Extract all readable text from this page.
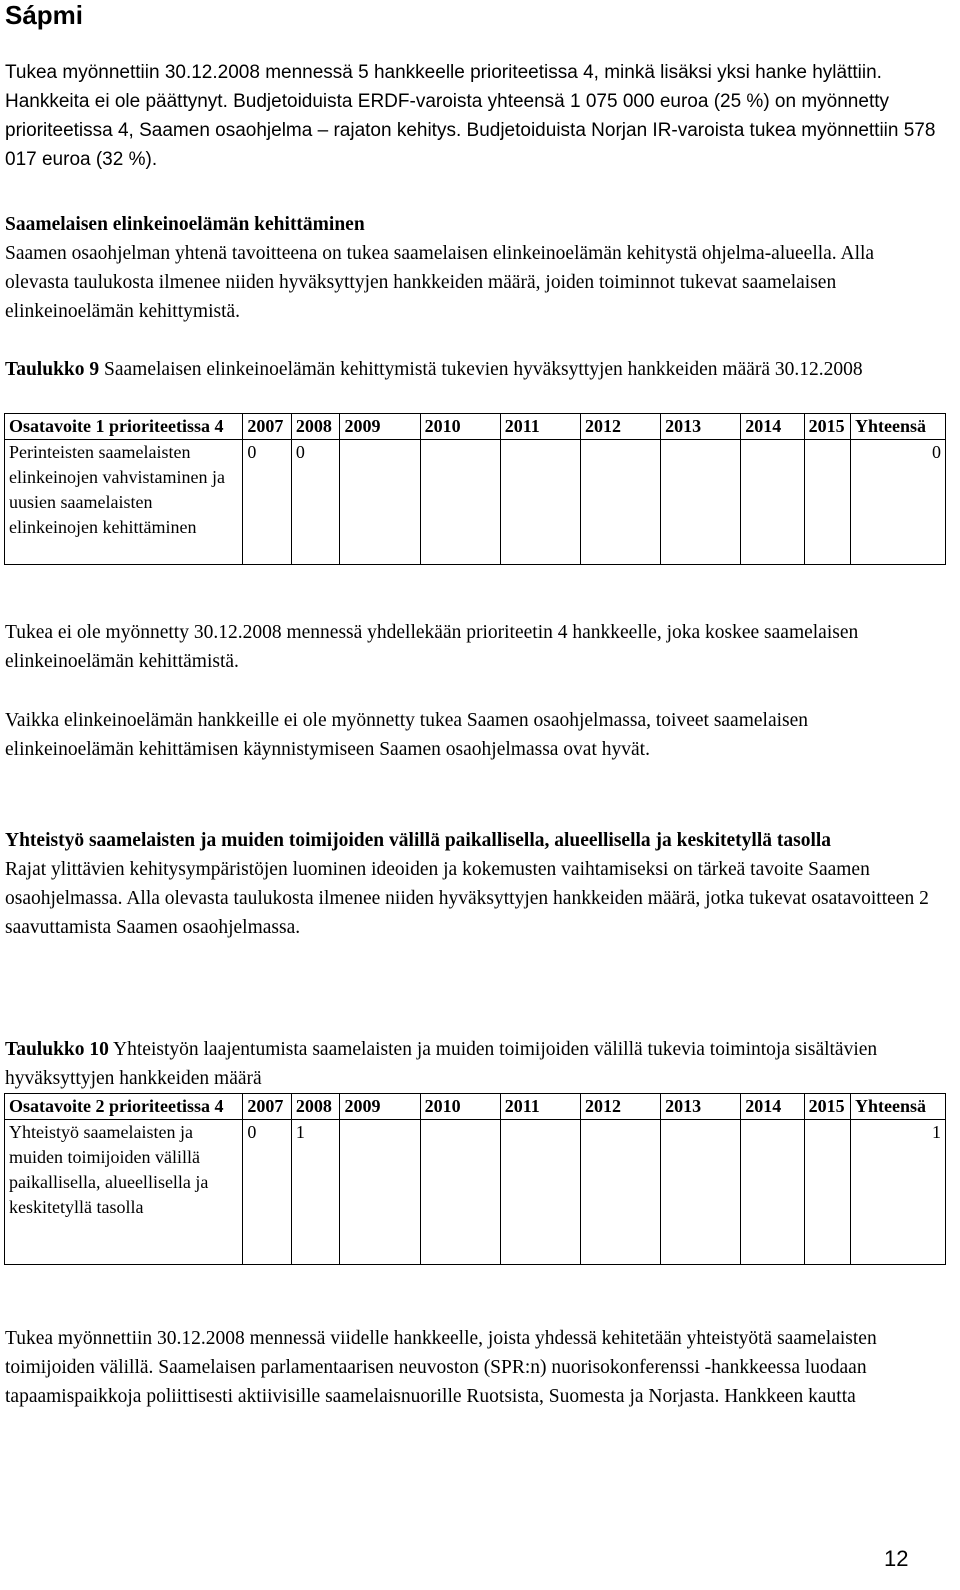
Sápmi

Tukea myönnettiin 30.12.2008 mennessä 5 hankkeelle prioriteetissa 4, minkä lisäksi yksi hanke hylättiin. Hankkeita ei ole päättynyt. Budjetoiduista ERDF-varoista yhteensä 1 075 000 euroa (25 %) on myönnetty prioriteetissa 4, Saamen osaohjelma – rajaton kehitys. Budjetoiduista Norjan IR-varoista tukea myönnettiin 578 017 euroa (32 %).

Saamelaisen elinkeinoelämän kehittäminen
Saamen osaohjelman yhtenä tavoitteena on tukea saamelaisen elinkeinoelämän kehitystä ohjelma-alueella. Alla olevasta taulukosta ilmenee niiden hyväksyttyjen hankkeiden määrä, joiden toiminnot tukevat saamelaisen elinkeinoelämän kehittymistä.

Taulukko 9 Saamelaisen elinkeinoelämän kehittymistä tukevien hyväksyttyjen hankkeiden määrä 30.12.2008

Osatavoite 1 prioriteetissa 4	2007	2008	2009	2010	2011	2012	2013	2014	2015	Yhteensä
Perinteisten saamelaisten elinkeinojen vahvistaminen ja uusien saamelaisten elinkeinojen kehittäminen	0	0								0

Tukea ei ole myönnetty 30.12.2008 mennessä yhdellekään prioriteetin 4 hankkeelle, joka koskee saamelaisen elinkeinoelämän kehittämistä.

Vaikka elinkeinoelämän hankkeille ei ole myönnetty tukea Saamen osaohjelmassa, toiveet saamelaisen elinkeinoelämän kehittämisen käynnistymiseen Saamen osaohjelmassa ovat hyvät.

Yhteistyö saamelaisten ja muiden toimijoiden välillä paikallisella, alueellisella ja keskitetyllä tasolla
Rajat ylittävien kehitysympäristöjen luominen ideoiden ja kokemusten vaihtamiseksi on tärkeä tavoite Saamen osaohjelmassa. Alla olevasta taulukosta ilmenee niiden hyväksyttyjen hankkeiden määrä, jotka tukevat osatavoitteen 2 saavuttamista Saamen osaohjelmassa.

Taulukko 10 Yhteistyön laajentumista saamelaisten ja muiden toimijoiden välillä tukevia toimintoja sisältävien hyväksyttyjen hankkeiden määrä

Osatavoite 2 prioriteetissa 4	2007	2008	2009	2010	2011	2012	2013	2014	2015	Yhteensä
Yhteistyö saamelaisten ja muiden toimijoiden välillä paikallisella, alueellisella ja keskitetyllä tasolla	0	1								1

Tukea myönnettiin 30.12.2008 mennessä viidelle hankkeelle, joista yhdessä kehitetään yhteistyötä saamelaisten toimijoiden välillä. Saamelaisen parlamentaarisen neuvoston (SPR:n) nuorisokonferenssi -hankkeessa luodaan tapaamispaikkoja poliittisesti aktiivisille saamelaisnuorille Ruotsista, Suomesta ja Norjasta. Hankkeen kautta

12
